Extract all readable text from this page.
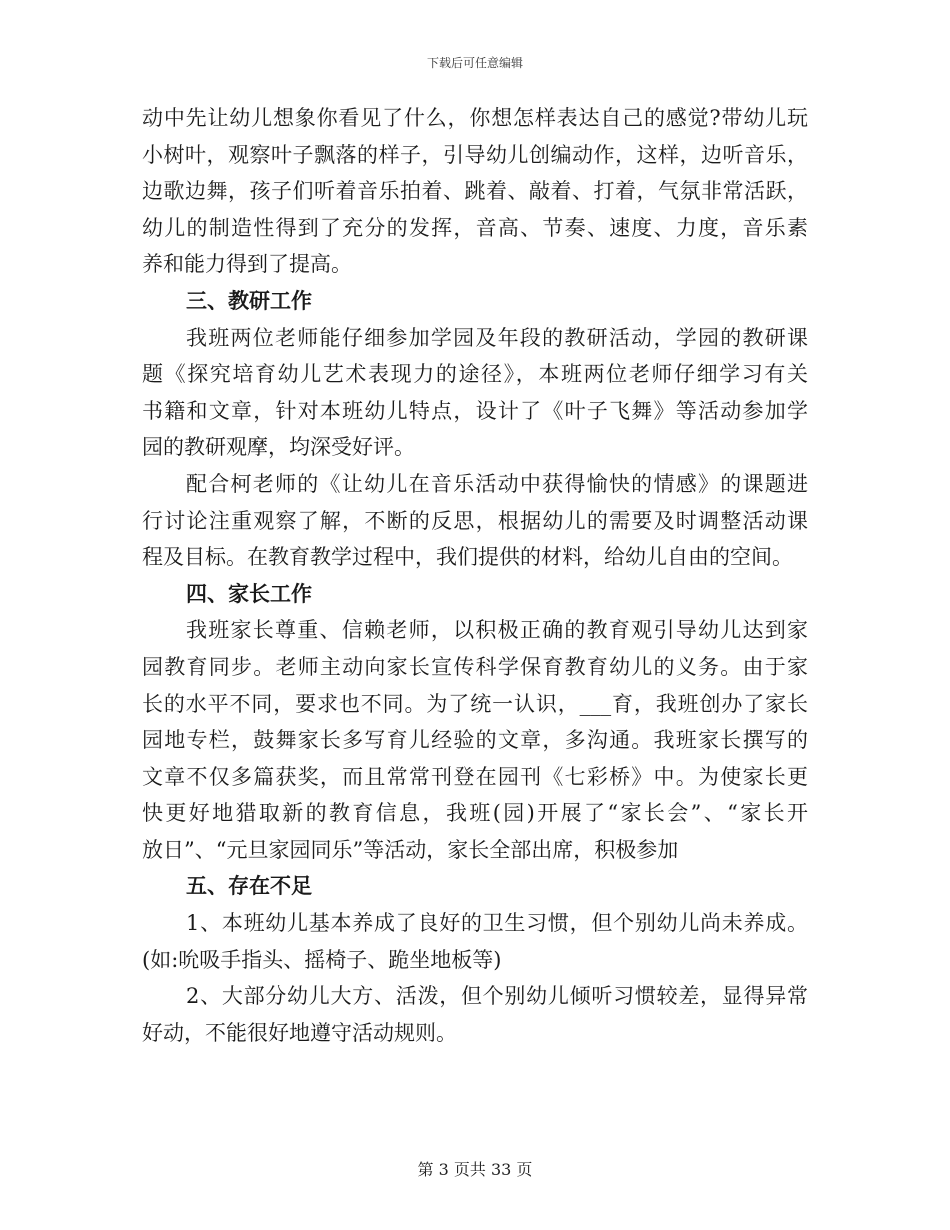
下载后可任意编辑
动中先让幼儿想象你看见了什么，你想怎样表达自己的感觉?带幼儿玩
小树叶，观察叶子飘落的样子，引导幼儿创编动作，这样，边听音乐，
边歌边舞，孩子们听着音乐拍着、跳着、敲着、打着，气氛非常活跃，
幼儿的制造性得到了充分的发挥，音高、节奏、速度、力度，音乐素
养和能力得到了提高。
三、教研工作
我班两位老师能仔细参加学园及年段的教研活动，学园的教研课
题《探究培育幼儿艺术表现力的途径》，本班两位老师仔细学习有关
书籍和文章，针对本班幼儿特点，设计了《叶子飞舞》等活动参加学
园的教研观摩，均深受好评。
配合柯老师的《让幼儿在音乐活动中获得愉快的情感》的课题进
行讨论注重观察了解，不断的反思，根据幼儿的需要及时调整活动课
程及目标。在教育教学过程中，我们提供的材料，给幼儿自由的空间。
四、家长工作
我班家长尊重、信赖老师，以积极正确的教育观引导幼儿达到家
园教育同步。老师主动向家长宣传科学保育教育幼儿的义务。由于家
长的水平不同，要求也不同。为了统一认识，___育，我班创办了家长
园地专栏，鼓舞家长多写育儿经验的文章，多沟通。我班家长撰写的
文章不仅多篇获奖，而且常常刊登在园刊《七彩桥》中。为使家长更
快更好地猎取新的教育信息，我班(园)开展了“家长会”、“家长开
放日”、“元旦家园同乐”等活动，家长全部出席，积极参加
五、存在不足
1、本班幼儿基本养成了良好的卫生习惯，但个别幼儿尚未养成。
(如:吮吸手指头、摇椅子、跪坐地板等)
2、大部分幼儿大方、活泼，但个别幼儿倾听习惯较差，显得异常
好动，不能很好地遵守活动规则。
第 3 页共 33 页
